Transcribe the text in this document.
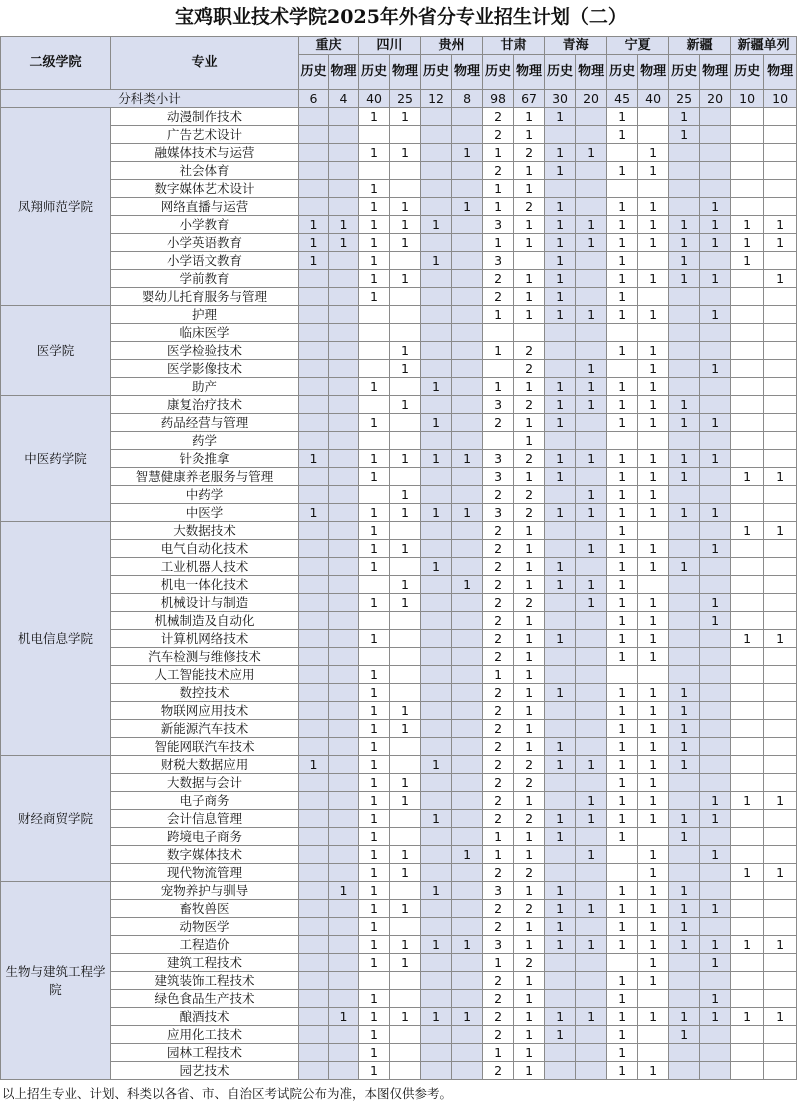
宝鸡职业技术学院2025年外省分专业招生计划（二）
二级学院	专业	重庆		四川		贵州		甘肃		青海		宁夏		新疆		新疆单列	
		历史	物理	历史	物理	历史	物理	历史	物理	历史	物理	历史	物理	历史	物理	历史	物理
分科类小计		6	4	40	25	12	8	98	67	30	20	45	40	25	20	10	10
凤翔师范学院	动漫制作技术			1	1			2	1	1		1		1			
	广告艺术设计							2	1			1		1			
	融媒体技术与运营			1	1		1	1	2	1	1		1				
	社会体育							2	1	1		1	1				
	数字媒体艺术设计			1				1	1								
	网络直播与运营			1	1		1	1	2	1		1	1		1		
	小学教育	1	1	1	1	1		3	1	1	1	1	1	1	1	1	1
	小学英语教育	1	1	1	1			1	1	1	1	1	1	1	1	1	1
	小学语文教育	1		1		1		3		1		1		1		1	
	学前教育			1	1			2	1	1		1	1	1	1		1
	婴幼儿托育服务与管理			1				2	1	1		1					
医学院	护理							1	1	1	1	1	1		1		
	临床医学																
	医学检验技术				1			1	2			1	1				
	医学影像技术				1				2		1		1		1		
	助产			1		1		1	1	1	1	1	1				
中医药学院	康复治疗技术				1			3	2	1	1	1	1	1			
	药品经营与管理			1		1		2	1	1		1	1	1	1		
	药学								1								
	针灸推拿	1		1	1	1	1	3	2	1	1	1	1	1	1		
	智慧健康养老服务与管理			1				3	1	1		1	1	1		1	1
	中药学				1			2	2		1	1	1				
	中医学	1		1	1	1	1	3	2	1	1	1	1	1	1		
机电信息学院	大数据技术			1				2	1			1				1	1
	电气自动化技术			1	1			2	1		1	1	1		1		
	工业机器人技术			1		1		2	1	1		1	1	1			
	机电一体化技术				1		1	2	1	1	1	1					
	机械设计与制造			1	1			2	2		1	1	1		1		
	机械制造及自动化							2	1			1	1		1		
	计算机网络技术			1				2	1	1		1	1			1	1
	汽车检测与维修技术							2	1			1	1				
	人工智能技术应用			1				1	1								
	数控技术			1				2	1	1		1	1	1			
	物联网应用技术			1	1			2	1			1	1	1			
	新能源汽车技术			1	1			2	1			1	1	1			
	智能网联汽车技术			1				2	1	1		1	1	1			
财经商贸学院	财税大数据应用	1		1		1		2	2	1	1	1	1	1			
	大数据与会计			1	1			2	2			1	1				
	电子商务			1	1			2	1		1	1	1		1	1	1
	会计信息管理			1		1		2	2	1	1	1	1	1	1		
	跨境电子商务			1				1	1	1		1		1			
	数字媒体技术			1	1		1	1	1		1		1		1		
	现代物流管理			1	1			2	2				1			1	1
生物与建筑工程学院	宠物养护与驯导		1	1		1		3	1	1		1	1	1			
	畜牧兽医			1	1			2	2	1	1	1	1	1	1		
	动物医学			1				2	1	1		1	1	1			
	工程造价			1	1	1	1	3	1	1	1	1	1	1	1	1	1
	建筑工程技术			1	1			1	2				1		1		
	建筑装饰工程技术							2	1			1	1				
	绿色食品生产技术			1				2	1			1			1		
	酿酒技术		1	1	1	1	1	2	1	1	1	1	1	1	1	1	1
	应用化工技术			1				2	1	1		1		1			
	园林工程技术			1				1	1			1					
	园艺技术			1				2	1			1	1				
以上招生专业、计划、科类以各省、市、自治区考试院公布为准，本图仅供参考。
